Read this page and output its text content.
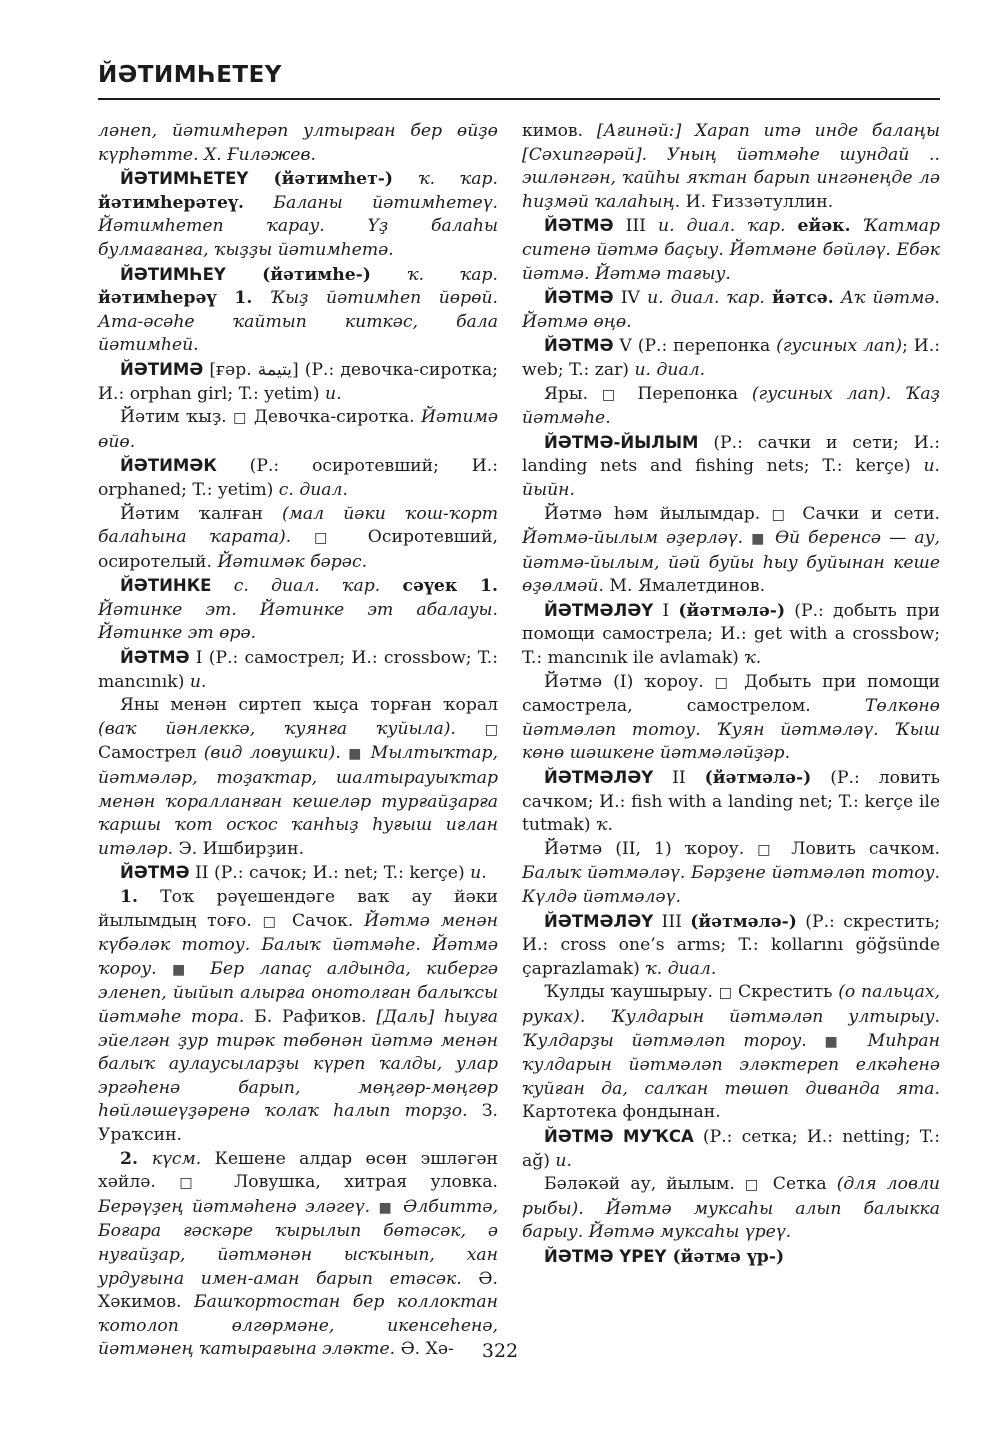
ЙӘТИМҺЕТЕҮ

ләнеп, йәтимһерәп ултырған бер өйҙө күрһәтте. Х. Ғиләжев.

ЙӘТИМҺЕТЕҮ (йәтимһет-) ҡ. ҡар. йәтимһерәтеү. Баланы йәтимһетеү. Йәтимһетеп ҡарау. Үҙ балаһы булмағанға, ҡыҙҙы йәтимһетә.

ЙӘТИМҺЕҮ (йәтимһе-) ҡ. ҡар. йәтимһерәү 1. Ҡыҙ йәтимһеп йөрөй. Ата-әсәһе ҡайтып киткәс, бала йәтимһей.

ЙӘТИМӘ [ғәр. يتيمة] (Р.: девочка-сиротка; И.: orphan girl; T.: yetim) и.

Йәтим ҡыҙ. □ Девочка-сиротка. Йәтимә өйө.

ЙӘТИМӘК (Р.: осиротевший; И.: orphaned; T.: yetim) с. диал.

Йәтим ҡалған (мал йәки ҡош-ҡорт балаһына ҡарата). □ Осиротевший, осиротелый. Йәтимәк бәрәс.

ЙӘТИНКЕ с. диал. ҡар. сәүек 1. Йәтинке эт. Йәтинке эт абалауы. Йәтинке эт өрә.

ЙӘТМӘ I (Р.: самострел; И.: crossbow; T.: mancınık) и.

Яны менән сиртеп ҡыҫа торған ҡорал (ваҡ йәнлеккә, ҡуянға ҡуйыла). □ Самострел (вид ловушки). ■ Мылтыҡтар, йәтмәләр, тоҙаҡтар, шалтырауыҡтар менән ҡоралланған кешеләр турғайҙарға ҡаршы ҡот осҡос ҡанһыҙ һуғыш иғлан итәләр. Э. Ишбирҙин.

ЙӘТМӘ II (Р.: сачок; И.: net; T.: kerçe) и.

1. Тоҡ рәүешендәге ваҡ ау йәки йылымдың тоғо. □ Сачок. Йәтмә менән күбәләк тотоу. Балыҡ йәтмәһе. Йәтмә ҡороу. ■ Бер лапаҫ алдында, кибергә эленеп, йыйып алырға онотолған балыҡсы йәтмәһе тора. Б. Рафиҡов. [Даль] һыуға эйелгән ҙур тирәк төбөнән йәтмә менән балыҡ аулаусыларҙы күреп ҡалды, улар эргәһенә барып, мөңгөр-мөңгөр һөйләшеүҙәренә ҡолаҡ һалып торҙо. З. Ураҡсин.

2. күсм. Кешене алдар өсөн эшләгән хәйлә. □ Ловушка, хитрая уловка. Берәүҙең йәтмәһенә эләгеү. ■ Әлбиттә, Боғара ғәскәре ҡырылып бөтәсәк, ә нуғайҙар, йәтмәнән ысҡынып, хан урдуғына имен-аман барып етәсәк. Ә. Хәкимов. Башҡортостан бер коллоктан ҡотолоп өлгөрмәне, икенсеһенә, йәтмәнең ҡатырағына эләкте. Ә. Хә-

кимов. [Ағинәй:] Харап итә инде балаңы [Сәхипгәрәй]. Уның йәтмәһе шундай .. эшләнгән, ҡайһы яҡтан барып ингәнеңде лә һиҙмәй ҡалаһың. И. Ғиззәтуллин.

ЙӘТМӘ III и. диал. ҡар. ейәк. Ҡатмар ситенә йәтмә баҫыу. Йәтмәне бәйләү. Ебәк йәтмә. Йәтмә тағыу.

ЙӘТМӘ IV и. диал. ҡар. йәтсә. Аҡ йәтмә. Йәтмә өңө.

ЙӘТМӘ V (Р.: перепонка (гусиных лап); И.: web; T.: zar) и. диал.

Яры. □ Перепонка (гусиных лап). Ҡаҙ йәтмәһе.

ЙӘТМӘ-ЙЫЛЫМ (Р.: сачки и сети; И.: landing nets and fishing nets; T.: kerçe) и. йыйн.

Йәтмә һәм йылымдар. □ Сачки и сети. Йәтмә-йылым әҙерләү. ■ Өй беренсә — ау, йәтмә-йылым, йәй буйы һыу буйынан кеше өҙөлмәй. М. Ямалетдинов.

ЙӘТМӘЛӘҮ I (йәтмәлә-) (Р.: добыть при помощи самострела; И.: get with a crossbow; T.: mancınık ile avlamak) ҡ.

Йәтмә (I) ҡороу. □ Добыть при помощи самострела, самострелом. Төлкөнө йәтмәләп тотоу. Ҡуян йәтмәләү. Ҡыш көнө шәшкене йәтмәләйҙәр.

ЙӘТМӘЛӘҮ II (йәтмәлә-) (Р.: ловить сачком; И.: fish with a landing net; T.: kerçe ile tutmak) ҡ.

Йәтмә (II, 1) ҡороу. □ Ловить сачком. Балыҡ йәтмәләү. Бәрҙене йәтмәләп тотоу. Күлдә йәтмәләү.

ЙӘТМӘЛӘҮ III (йәтмәлә-) (Р.: скрестить; И.: cross one’s arms; T.: kollarını göğsünde çaprazlamak) ҡ. диал.

Ҡулды ҡаушырыу. □ Скрестить (о пальцах, руках). Ҡулдарын йәтмәләп ултырыу. Ҡулдарҙы йәтмәләп тороу. ■ Миһран ҡулдарын йәтмәләп эләктереп елкәһенә ҡуйған да, салҡан төшөп диванда ята. Картотека фондынан.

ЙӘТМӘ МУҠСА (Р.: сетка; И.: netting; T.: ağ) и.

Бәләкәй ау, йылым. □ Сетка (для ловли рыбы). Йәтмә муксаһы алып балыкка барыу. Йәтмә муксаһы үреү.

ЙӘТМӘ ҮРЕҮ (йәтмә үр-)

322
